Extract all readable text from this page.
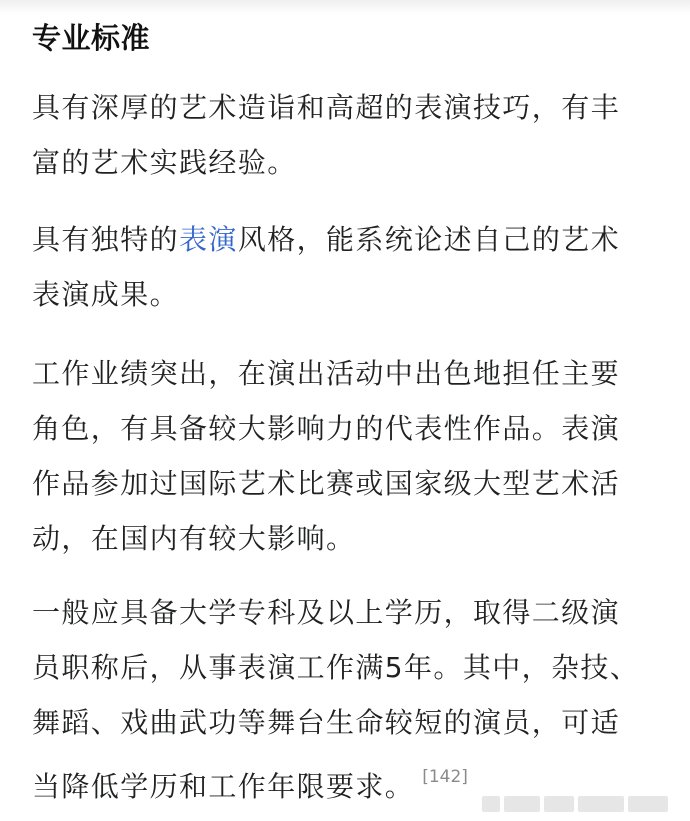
专业标准
具有深厚的艺术造诣和高超的表演技巧，有丰富的艺术实践经验。
具有独特的表演风格，能系统论述自己的艺术表演成果。
工作业绩突出，在演出活动中出色地担任主要角色，有具备较大影响力的代表性作品。表演作品参加过国际艺术比赛或国家级大型艺术活动，在国内有较大影响。
一般应具备大学专科及以上学历，取得二级演员职称后，从事表演工作满5年。其中，杂技、舞蹈、戏曲武功等舞台生命较短的演员，可适当降低学历和工作年限要求。 [142]
